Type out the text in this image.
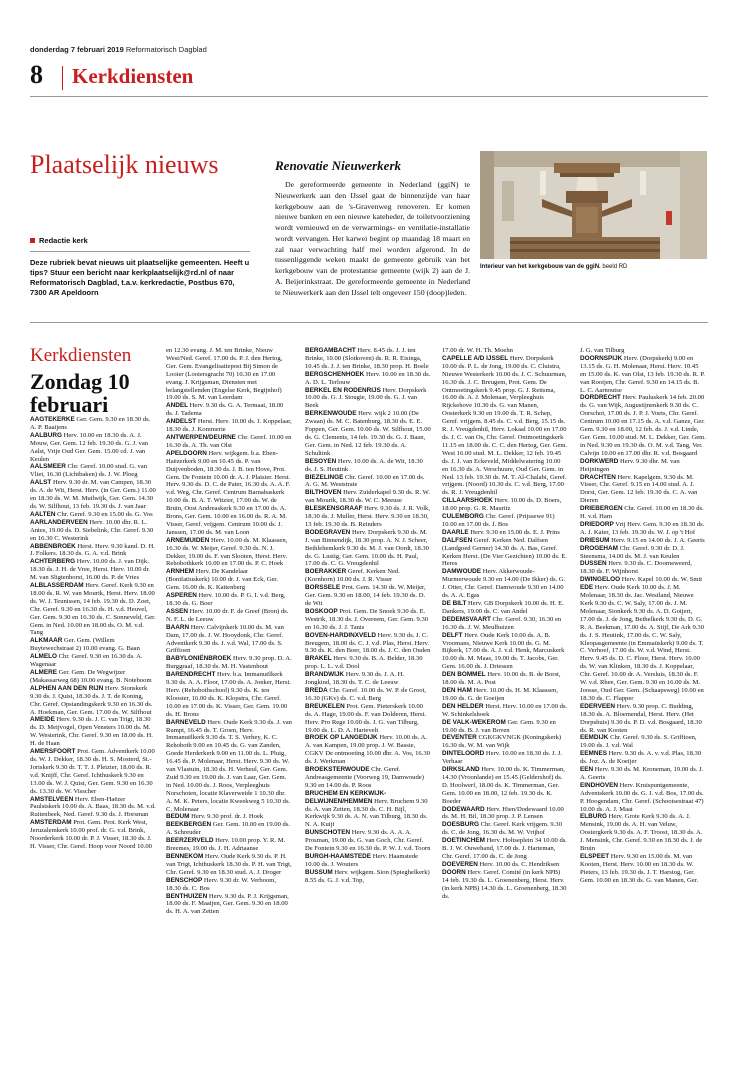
donderdag 7 februari 2019 Reformatorisch Dagblad
8 Kerkdiensten
Plaatselijk nieuws
Redactie kerk
Deze rubriek bevat nieuws uit plaatselijke gemeenten. Heeft u tips? Stuur een bericht naar kerkplaatselijk@rd.nl of naar Reformatorisch Dagblad, t.a.v. kerkredactie, Postbus 670, 7300 AR Apeldoorn
Renovatie Nieuwerkerk
De gereformeerde gemeente in Nederland (ggiN) te Nieuwerkerk aan den IJssel gaat de binnenzijde van haar kerkgebouw aan de 's-Gravenweg renoveren. Er komen nieuwe banken en een nieuwe kateheder, de toiletvoorziening wordt vernieuwd en de verwarmings- en ventilatie-installatie wordt vervangen. Het karwei begint op maandag 18 maart en zal naar verwachting half mei worden afgerond. In de tussenliggende weken maakt de gemeente gebruik van het kerkgebouw van de protestantse gemeente (wijk 2) aan de J. A. Beijerinkstraat. De gereformeerde gemeente in Nederland te Nieuwerkerk aan den IJssel telt ongeveer 150 (doop)leden.
Interieur van het kerkgebouw van de ggiN. beeld RD
Kerkdiensten
Zondag 10 februari

AAGTEKERKE Ger. Gem. 9.30 en 18.30 ds. A. P. Baaijens

AALBURG Herv. 10.00 en 18.30 ds. A. J. Mouw, Ger. Gem. 12 feb. 19.30 ds. G. J. van Aalst, Vrije Oud Ger. Gem. 15.00 cd. J. van Keulen

AALSMEER Chr. Geref. 10.00 stud. G. van Vliet, 16.30 (Lichtbaken) ds. J. W. Ploeg

AALST Herv. 9.30 dr. M. van Campen, 18.30 ds. A. de Wit, Herst. Herv. (in Ger. Gem.) 11.00 en 18.30 ds. W. M. Muilwijk, Ger. Gem. 14.30 ds. W. Silfhout, 13 feb. 19.30 ds. J. van Jaar

AALTEN Chr. Geref. 9.30 en 15.00 ds. G. Vos

AARLANDERVEEN Herv. 10.00 dhr. R. L. Antes, 19.00 ds. D. Siebelink, Chr. Geref. 9.30 en 16.30 C. Westerink

ABBENBROEK Herst. Herv. 9.30 kand. D. H. J. Folkers. 18.30 ds. G. A. v.d. Brink

ACHTERBERG Herv. 10.00 ds. J. van Dijk. 18.30 ds. J. H. de Vree, Herst. Herv. 10.00 dr. M. van Sligtenhorst, 16.00 ds. P. de Vries

ALBLASSERDAM Herv. Geref. Kerk 9.30 en 18.00 ds. R. W. van Mourik, Herst. Herv. 18.00 ds. W. J. Teunissen, 14 feb. 19.30 ds. D. Zoet, Chr. Geref. 9.30 en 16.30 ds. H. v.d. Heuvel, Ger. Gem. 9.30 en 16.30 ds. C. Sonneveld, Ger. Gem. in Ned. 10.00 en 18.00 ds. O. M. v.d. Tang

ALKMAAR Ger. Gem. (Willem Buytewechstraat 2) 10.00 evang. G. Baan

ALMELO Chr. Geref. 9.30 en 16.30 ds. A. Wagenaar

ALMERE Ger. Gem. De Wegwijzer (Makassarweg 68) 10.00 evang. B. Noteboom

ALPHEN AAN DEN RIJN Herv. Sionskerk 9.30 ds. J. Quist, 18.30 ds. J. T. de Koning, Chr. Geref. Opstandingskerk 9.30 en 16.30 ds. A. Hoekman, Ger. Gem. 17.00 ds. W. Silfhout

AMEIDE Herv. 9.30 ds. J. C. van Trigt, 18.30 ds. D. Meijvogel, Open Vensters 10.00 ds. M. W. Westerink, Chr. Geref. 9.30 en 18.00 ds. H. H. de Haan

AMERSFOORT Prot. Gem. Adventkerk 10.00 ds. W. J. Dekker, 18.30 ds. H. S. Mosterd, St.-Joriskerk 9.30 dr. T. T. J. Pleizier, 18.00 ds. R. v.d. Knijff, Chr. Geref. Ichthuskerk 9.30 en 13.00 ds. W. J. Quist, Ger. Gem. 9.30 en 16.30 ds. 13.30 ds. W. Visscher

AMSTELVEEN Herv. Eben-Haëzer Paulstskerk 10.00 ds. A. Baas, 18.30 ds. M. v.d. Ruitenbeek, Ned. Geref. 9.30 ds. J. Horsman

AMSTERDAM Prot. Gem. Prot. Kerk West, Jeruzalemkerk 10.00 prof. dr. G. v.d. Brink, Noorderkerk 10.00 dr. P. J. Visser, 18.30 ds. J. H. Visser, Chr. Geref. Hoop voor Noord 10.00

en 12.30 evang. J. M. ten Brinke, Nieuw West/Ned. Geref. 17.00 ds. P. J. den Hertog, Ger. Gem. Evangelisatiepost Bij Simon de Looier (Looiersgracht 70) 10.30 en 17.00 evang. J. Krijgsman, Diensten met belangstellenden (Engelse Kerk, Begijnhof) 19.00 ds. S. M. van Leerdam

ANDEL Herv. 9.30 ds. G. A. Termaat, 18.00 ds. J. Tadema

ANDELST Herst. Herv. 10.00 ds. J. Koppelaar, 18.30 ds. J. Kommerie

ANTWERPEN/DEURNE Chr. Geref. 10.00 en 16.30 ds. A. Th. van Olst

APELDOORN Herv. wijkgem. b.a. Eben-Haëzerkerk 9.00 en 10.45 ds. P. van Duijvenboden, 18.30 ds. J. B. ten Hove, Prot. Gem. De Fontein 10.00 dr. A. J. Plaisier. Herst. Herv. 9.30 ds. D. C. de Pater, 16.30 ds. A. A. F. v.d. Weg, Chr. Geref. Centrum Barnabaskerk 10.00 ds. B. A. T. Witzier, 17.00 ds. W. de Bruin, Oost Andreaskerk 9.30 en 17.00 ds. A. Brons, Ger. Gem. 10.00 en 16.00 ds. R. A. M. Visser, Geref. vrijgem. Centrum 10.00 ds. J. Janssen, 17.00 ds. M. van Loon

ARNEMUIDEN Herv. 10.00 ds. M. Klaassen, 16.30 ds. W. Meijer, Geref. 9.30 ds. N. J. Dekker, 19.00 ds. F. van Slooten, Herst. Herv. Rehobothkerk 10.00 en 17.00 ds. P. C. Hoek

ARNHEM Herv. De Kandelaar (Bonifatiuskerk) 10.00 dr. J. van Eck, Ger. Gem. 16.00 ds. K. Kattenberg

ASPEREN Herv. 10.00 ds. P. G. I. v.d. Berg, 18.30 ds. G. Boer

ASSEN Herv. 10.00 dr. F. de Greef (Bron) ds. N. F. L. de Leeuw

BAARN Herv. Calvijnkerk 10.00 ds. M. van Dam, 17.00 ds. J. W. Hooydonk, Chr. Geref. Adventkerk 9.30 ds. J. v.d. Wal, 17.00 ds. S. Griffioen

BABYLONIËNBROEK Herv. 9.30 prop. D. A. Burggraaf, 18.30 ds. M. H. Vastenhout

BARENDRECHT Herv. b.a. Immanuëlkerk 9.30 ds. A. A. Floor, 17.00 ds. A. Jonker, Herst. Herv. (Rehobothschool) 9.30 ds. K. ten Klooster, 16.00 ds. K. Klopstra, Chr. Geref. 10.00 en 17.00 ds. K. Visser, Ger. Gem. 19.00 ds. H. Brons

BARNEVELD Herv. Oude Kerk 9.30 ds. J. van Rumpt, 16.45 ds. T. Groen, Herv. Immanuëlkerk 9.30 ds. T. S. Verhey, K. C. Rehoboth 9.00 en 10.45 ds. G. van Zanden, Goede Herderkerk 9.00 en 11.00 ds. L. Pluig, 16.45 ds. P. Molenaar, Herst. Herv. 9.30 ds. W. van Vlastuin, 18.30 ds. H. Verheul, Ger. Gem. Zuid 9.30 en 19.00 ds. J. van Laar, Ger. Gem. in Ned. 10.00 ds. J. Roos, Verpleeghuis Norschoten, locatie Klaverweide 1 10.30 dhr. A. M. K. Peters, locatie Kweekweg 5 10.30 ds. C. Molenaar

BEDUM Herv. 9.30 prof. dr. J. Hoek

BEEKBERGEN Ger. Gem. 10.00 en 19.00 ds. A. Schreuder

BEERZERVELD Herv. 10.00 prop. Y. R. M. Breemes, 19.00 ds. J. H. Adriaanse

BENNEKOM Herv. Oude Kerk 9.30 ds. P. H. van Trigt, Ichthuskerk 18.30 ds. P. H. van Trigt, Chr. Geref. 9.30 en 18.30 stud. A. J. Droger

BENSCHOP Herv. 9.30 dr. W. Verboom, 18.30 ds. C. Bos

BENTHUIZEN Herv. 9.30 ds. P. J. Krijgsman, 18.00 ds. F. Maaijen, Ger. Gem. 9.30 en 18.00 ds. H. A. van Zetten

BERGAMBACHT Herv. 8.45 ds. J. J. ten Brinke, 10.00 (Slotkoven) ds. R. R. Eisinga, 10.45 ds. J. J. ten Brinke, 18.30 prop. H. Boele

BERGSCHENHOEK Herv. 10.00 en 18.30 ds. A. D. L. Terlouw

BERKEL EN RODENRIJS Herv. Dorpskerk 10.00 ds. G. J. Stougie, 19.00 ds. G. J. van Beek

BERKENWOUDE Herv. wijk 2 10.00 (De Zwaan) ds. M. C. Batenburg, 18.30 ds. E. E. Foppen, Ger. Gem. 10.00 ds. W. Silfhout, 15.00 ds. G. Clements, 14 feb. 19.30 ds. G. J. Baan, Ger. Gem. in Ned. 12 feb. 19.30 ds. A. Schultink

BESOYEN Herv. 10.00 ds. A. de Wit, 18.30 ds. J. S. Heutink

BIEZELINGE Chr. Geref. 10.00 en 17.00 ds. A. G. M. Weststrate

BILTHOVEN Herv. Zuiderkapel 9.30 ds. R. W. van Mourik, 18.30 ds. W. C. Meeuse

BLESKENSGRAAF Herv. 9.30 ds. J. R. Volk, 18.30 ds. J. Muller, Herst. Herv. 9.30 en 18.30, 13 feb. 19.30 ds. B. Reinders

BODEGRAVEN Herv. Dorpskerk 9.30 ds. M. J. van Binnendijk, 18.30 prop. A. N. J. Scheer, Bethlehemkerk 9.30 ds. M. J. van Oordt, 18.30 ds. G. Lustig, Ger. Gem. 10.00 ds. H. Paul, 17.00 ds. C. G. Vreugdenhil

BOERAKKER Geref. Kerken Ned. (Kornhorn) 10.00 ds. J. R. Visser

BORSSELE Prot. Gem. 14.30 ds. W. Meijer, Ger. Gem. 9.30 en 18.00, 14 feb. 19.30 ds. D. de Wit

BOSKOOP Prot. Gem. De Snoek 9.30 ds. E. Westrik, 18.30 ds. J. Overeem, Ger. Gem. 9.30 en 16.30 ds. J. J. Tanis

BOVEN-HARDINXVELD Herv. 9.30 ds. J. C. Breugem, 18.00 ds. C. J. v.d. Plas, Herst. Herv. 9.30 ds. K. den Boer, 18.00 ds. J. C. den Ouden

BRAKEL Herv. 9.30 ds. B. A. Belder, 18.30 prop. L. L. v.d. Dool

BRANDWIJK Herv. 9.30 ds. J. A. H. Jongkind, 18.30 ds. T. C. de Leeuw

BREDA Chr. Geref. 10.00 ds. W. P. de Groot, 16.30 (GKv) ds. C. v.d. Berg

BREUKELEN Prot. Gem. Pieterskerk 10.00 ds. A. Hage, 19.00 ds. F. van Dolderen, Herst. Herv. Pro Rege 10.00 ds. J. G. van Tilburg, 19.00 ds. L. D. A. Hartevelt

BROEK OP LANGEDIJK Herv. 10.00 ds. A. A. van Kampen, 19.00 prop. J. W. Bassie, CGKV De ontmoeting 10.00 dhr. A. Vos, 16.30 ds. J. Werkman

BROEKSTERWOUDE Chr. Geref. Andreasgemeente (Voorweg 19, Damwoude) 9.30 en 14.00 ds. P. Roos

BRUCHEM EN KERKWIJK-DELWIJNEN/HEMMEN Herv. Bruchem 9.30 ds. A. van Zetten, 18.30 ds. C. H. Bijl, Kerkwijk 9.30 ds. A. N. van Tilburg, 18.30 ds. N. A. Kuijt

BUNSCHOTEN Herv. 9.30 ds. A. A. A. Prosman, 19.00 ds. G. van Goch, Chr. Geref. De Fontein 9.30 en 16.30 ds. P. W. J. v.d. Toorn

BURGH-HAAMSTEDE Herv. Haamstede 10.00 ds. J. Wouters

BUSSUM Herv. wijkgem. Sion (Spieghelkerk) 8.55 ds. G. J. v.d. Top,

17.00 dr. W. H. Th. Moehn

CAPELLE A/D IJSSEL Herv. Dorpskerk 10.00 ds. P. L. de Jong, 19.00 ds. C. Cluistra, Nieuwe Westerkerk 10.00 ds. J. C. Schuurman, 16.30 ds. J. C. Breugem, Prot. Gem. De Ontmoetingskerk 9.45 prop. G. J. Reitsma, 16.00 ds. A. J. Molenaar, Verpleeghuis Rijckehove 10.30 ds. G. van Manen, Oosterkerk 9.30 en 19.00 ds. T. R. Schep, Geref. vrijgem. 8.45 ds. C. v.d. Berg, 15.15 ds. R. J. Vreugdenhil, Herv. Lokaal 10.00 en 17.00 ds. J. C. van Os, Chr. Geref. Ontmoetingskerk 11.15 en 18.00 ds. C. C. den Hertog, Ger. Gem. West 16.00 stud. M. L. Dekker, 12 feb. 19.45 ds. J. J. van Eckeveld, Middelwatering 10.00 en 16.30 ds. A. Verschuure, Oud Ger. Gem. in Ned. 13 feb. 19.30 ds. M. T. Al-Chalabi, Geref. vrijgem. (Noord) 10.30 ds. C. v.d. Berg, 17.00 ds. R. J. Vreugdenhil

CILLAARSHOEK Herv. 10.00 ds. D. Boers, 18.00 prop. G. R. Mauritz

CULEMBORG Chr. Geref. (Prijssewe 91) 10.00 en 17.00 ds. J. Bos

DAARLE Herv. 9.30 en 15.00 ds. E. J. Prins

DALFSEN Geref. Kerken Ned. Dalfsen (Landgoed Gerner) 14.30 ds. A. Bas, Geref. Kerken Herst. (De Vier Gezichten) 10.00 ds. E. Heres

DAMWOUDE Herv. Akkerwoude-Murmerwoude 9.30 en 14.00 (De Ikker) ds. G. J. Otter, Chr. Geref. Damwoude 9.30 en 14.00 ds. A. A. Egas

DE BILT Herv. GB Dorpskerk 10.00 ds. H. E. Dankers, 19.00 ds. C. van Andel

DEDEMSVAART Chr. Geref. 9.30, 16.30 en 16.30 ds. J. W. Meulhuizen

DELFT Herv. Oude Kerk 10.00 ds. A. B. Vroomans, Nieuwe Kerk 10.00 ds. G. M. Bijkerk, 17.00 ds. A. J. v.d. Henk, Marcuskerk 10.00 ds. M. Maas, 19.00 ds. T. Jacobs, Ger. Gem. 16.00 ds. J. Driessen

DEN BOMMEL Herv. 10.00 ds. B. de Borst, 18.00 ds. M. A. Post

DEN HAM Herv. 10.00 ds. H. M. Klaassen, 19.00 ds. G. de Goeijen

DEN HELDER Herst. Herv. 10.00 en 17.00 ds. W. Schinkelshoek

DE VALK-WEKEROM Ger. Gem. 9.30 en 19.00 ds. B. J. van Boven

DEVENTER CGKGKVNGK (Koningskerk) 16.30 ds. W. M. van Wijk

DINTELOORD Herv. 10.00 en 18.30 ds. J. J. Verhaar

DIRKSLAND Herv. 10.00 ds. K. Timmerman, 14.30 (Vroonlande) en 15.45 (Geldershof) ds. D. Hoolwerf, 18.00 ds. K. Timmerman, Ger. Gem. 10.00 en 18.00, 12 feb. 19.30 ds. K. Boeder

DODEWAARD Herv. Hien/Dodewaard 10.00 ds. M. H. Bil, 18.30 prop. J. P. Lensen

DOESBURG Chr. Geref. Kerk vrijgem. 9.30 ds. C. de Jong, 16.30 ds. M. W. Vrijhof

DOETINCHEM Herv. Holtseplein 34 10.00 ds. B. J. W. Ouwehand, 17.00 ds. J. Harteman, Chr. Geref. 17.00 ds. C. de Jong

DOEVEREN Herv. 10.00 ds. C. Hendriksen

DOORN Herv. Geref. Comité (in kerk NPB) 14 feb. 19.30 ds. L. Groenenberg, Herst. Herv. (in kerk NPB) 14.30 ds. L. Groenenberg, 18.30 ds.

J. G. van Tilburg

DOORNSPIJK Herv. (Dorpskerk) 9.00 en 13.15 ds. G. H. Molenaar, Herst. Herv. 10.45 en 15.00 ds. K. van Olst, 13 feb. 19.30 ds. R. P. van Rooijen, Chr. Geref. 9.30 en 14.15 ds. B. L. C. Aarnoutse

DORDRECHT Herv. Pauluskerk 14 feb. 20.00 ds. G. van Wijk, Augustijnenkerk 9.30 ds. C. Oorschot, 17.00 ds. J. P. J. Voets, Chr. Geref. Centrum 10.00 en 17.15 ds. A. v.d. Ganze, Ger. Gem. 9.30 en 18.00, 12 feb. ds. J. v.d. Linde, Ger. Gem. 10.00 stud. M. L. Dekker, Ger. Gem. in Ned. 9.30 en 19.30 ds. O. M. v.d. Tang, Ver. Calvijn 10.00 en 17.00 dhr. R. v.d. Bosgaard

DORKWERD Herv. 9.30 dhr. M. van Heijningen

DRACHTEN Herv. Kapelgem. 9.30 ds. M. Visser, Chr. Geref. 9.15 en 14.00 stud. A. J. Dorst, Ger. Gem. 12 feb. 19.30 ds. C. A. van Dieren

DRIEBERGEN Chr. Geref. 10.00 en 18.30 ds. H. v.d. Ham

DRIEDORP Vrij Herv. Gem. 9.30 en 18.30 ds. A. J. Kater, 13 feb. 19.30 ds. W. J. op 't Hof

DRIESUM Herv. 9.15 en 14.00 ds. J. A. Geerts

DROGEHAM Chr. Geref. 9.30 dr. D. J. Steensma, 14.00 ds. M. J. van Keulen

DUSSEN Herv. 9.30 ds. C. Doorneweerd, 18.30 ds. F. Wijnhorst

DWINGELOO Herv. Kapel 10.00 ds. W. Smit

EDE Herv. Oude Kerk 10.00 ds. J. M. Molenaar, 18.30 ds. Jac. Westland, Nieuwe Kerk 9.30 ds. C. W. Saly, 17.00 ds. J. M. Molenaar, Sionkerk 9.30 ds. A. D. Goijert, 17.00 ds. J. de Jong, Bethelkerk 9.30 ds. D. G. R. A. Beekman, 17.00 ds. A. Stijf, De Ark 9.30 ds. J. S. Heutink, 17.00 ds. C. W. Saly, Kleopasgemeente (in Emmaüskerk) 9.00 ds. T. C. Verhoef, 17.00 ds. W. v.d. Wind, Herst. Herv. 9.45 ds. D. C. Floor, Herst. Herv. 10.00 ds. W. van Klinken, 18.30 ds. J. Koppelaar, Chr. Geref. 10.00 dr. A. Versluis, 18.30 ds. F. W. v.d. Rhee, Ger. Gem. 9.30 en 16.00 ds. M. Joosse, Oud Ger. Gem. (Schaapsweg) 10.00 en 18.30 ds. C. Flapper

EDERVEEN Herv. 9.30 prop. C. Budding, 18.30 ds. A. Bloemendal, Herst. Herv. (Het Dorpshuis) 9.30 ds. P. D. v.d. Bosgaard, 18.30 ds. R. van Kooten

EEMDIJK Chr. Geref. 9.30 ds. S. Griffioen, 19.00 ds. J. v.d. Wal

EEMNES Herv. 9.30 ds. A. v. v.d. Plas, 18.30 ds. Joz. A. de Koeijer

EEN Herv. 9.30 ds. M. Kroneman, 19.00 ds. J. A. Geerts

EINDHOVEN Herv. Kruispuntgemeente, Adventskerk 10.00 ds. G. J. v.d. Bos, 17.00 ds. P. Hoogendam, Chr. Geref. (Schootsestraat 47) 10.00 ds. A. J. Maat

ELBURG Herv. Grote Kerk 9.30 ds. A. J. Mensink, 19.00 ds. A. H. van Veluw, Oostergkerk 9.30 ds. A. F. Troost, 18.30 ds. A. J. Mensink, Chr. Geref. 9.30 en 18.30 ds. J. de Bruin

ELSPEET Herv. 9.30 en 15.00 ds. M. van Kooten, Herst. Herv. 10.00 en 18.30 ds. W. Pieters, 13 feb. 19.30 ds. J. T. Harstog, Ger. Gem. 10.00 en 18.30 ds. G. van Manen, Ger.
